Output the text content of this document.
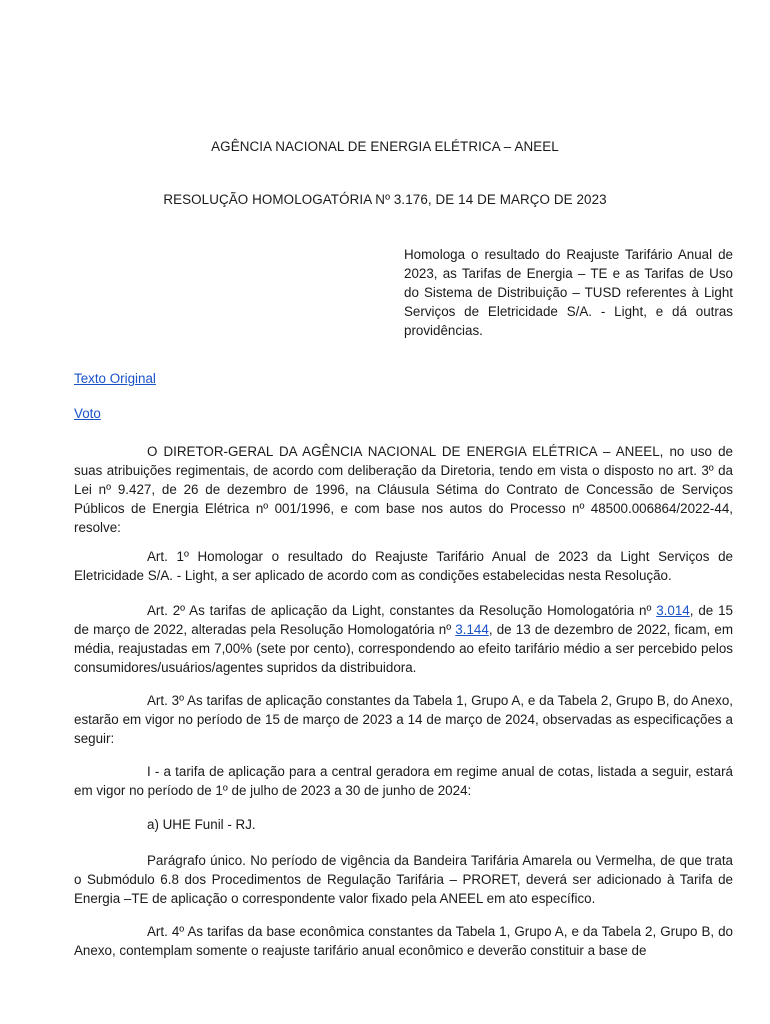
AGÊNCIA NACIONAL DE ENERGIA ELÉTRICA – ANEEL

RESOLUÇÃO HOMOLOGATÓRIA Nº 3.176, DE 14 DE MARÇO DE 2023

Homologa o resultado do Reajuste Tarifário Anual de 2023, as Tarifas de Energia – TE e as Tarifas de Uso do Sistema de Distribuição – TUSD referentes à Light Serviços de Eletricidade S/A. - Light, e dá outras providências.

Texto Original
Voto

O DIRETOR-GERAL DA AGÊNCIA NACIONAL DE ENERGIA ELÉTRICA – ANEEL, no uso de suas atribuições regimentais, de acordo com deliberação da Diretoria, tendo em vista o disposto no art. 3º da Lei nº 9.427, de 26 de dezembro de 1996, na Cláusula Sétima do Contrato de Concessão de Serviços Públicos de Energia Elétrica nº 001/1996, e com base nos autos do Processo nº 48500.006864/2022-44, resolve:

Art. 1º Homologar o resultado do Reajuste Tarifário Anual de 2023 da Light Serviços de Eletricidade S/A. - Light, a ser aplicado de acordo com as condições estabelecidas nesta Resolução.

Art. 2º As tarifas de aplicação da Light, constantes da Resolução Homologatória nº 3.014, de 15 de março de 2022, alteradas pela Resolução Homologatória nº 3.144, de 13 de dezembro de 2022, ficam, em média, reajustadas em 7,00% (sete por cento), correspondendo ao efeito tarifário médio a ser percebido pelos consumidores/usuários/agentes supridos da distribuidora.

Art. 3º As tarifas de aplicação constantes da Tabela 1, Grupo A, e da Tabela 2, Grupo B, do Anexo, estarão em vigor no período de 15 de março de 2023 a 14 de março de 2024, observadas as especificações a seguir:

I - a tarifa de aplicação para a central geradora em regime anual de cotas, listada a seguir, estará em vigor no período de 1º de julho de 2023 a 30 de junho de 2024:

a) UHE Funil - RJ.

Parágrafo único. No período de vigência da Bandeira Tarifária Amarela ou Vermelha, de que trata o Submódulo 6.8 dos Procedimentos de Regulação Tarifária – PRORET, deverá ser adicionado à Tarifa de Energia –TE de aplicação o correspondente valor fixado pela ANEEL em ato específico.

Art. 4º As tarifas da base econômica constantes da Tabela 1, Grupo A, e da Tabela 2, Grupo B, do Anexo, contemplam somente o reajuste tarifário anual econômico e deverão constituir a base de
